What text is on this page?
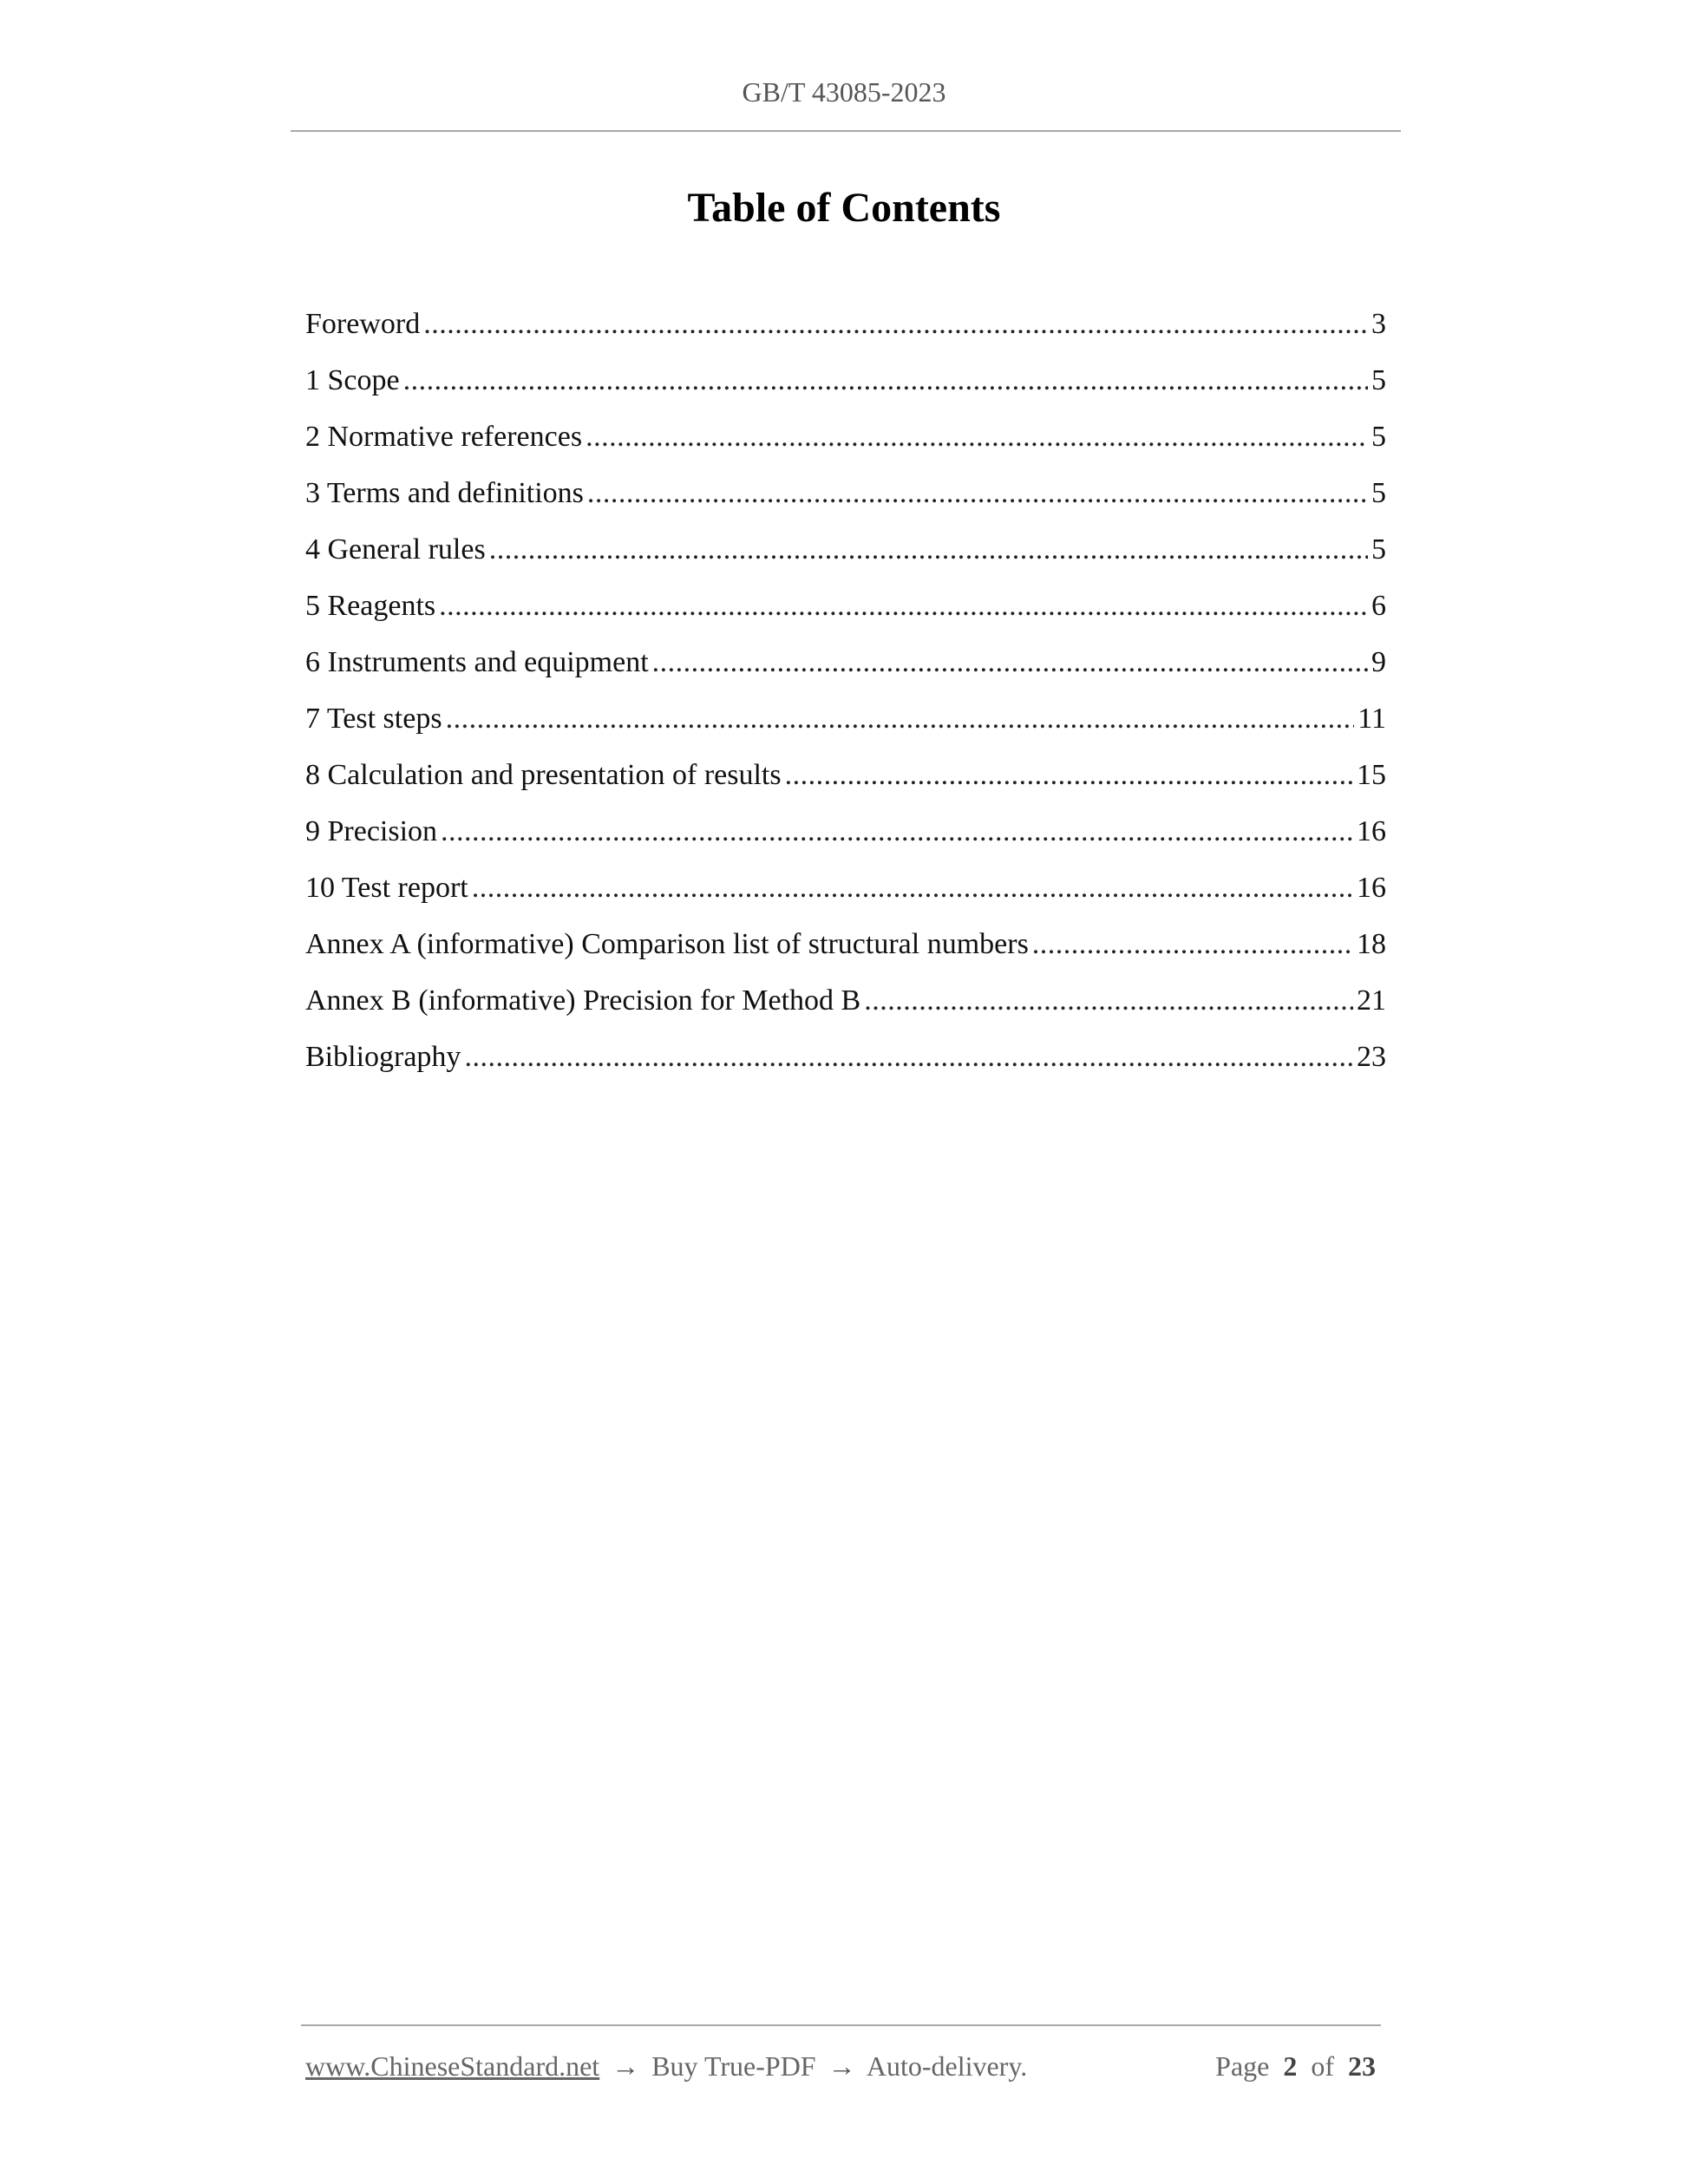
GB/T 43085-2023
Table of Contents
Foreword .....	3
1 Scope .....	5
2 Normative references .....	5
3 Terms and definitions .....	5
4 General rules .....	5
5 Reagents .....	6
6 Instruments and equipment .....	9
7 Test steps .....	11
8 Calculation and presentation of results .....	15
9 Precision .....	16
10 Test report .....	16
Annex A (informative) Comparison list of structural numbers .....	18
Annex B (informative) Precision for Method B .....	21
Bibliography .....	23
www.ChineseStandard.net → Buy True-PDF → Auto-delivery.	Page 2 of 23
